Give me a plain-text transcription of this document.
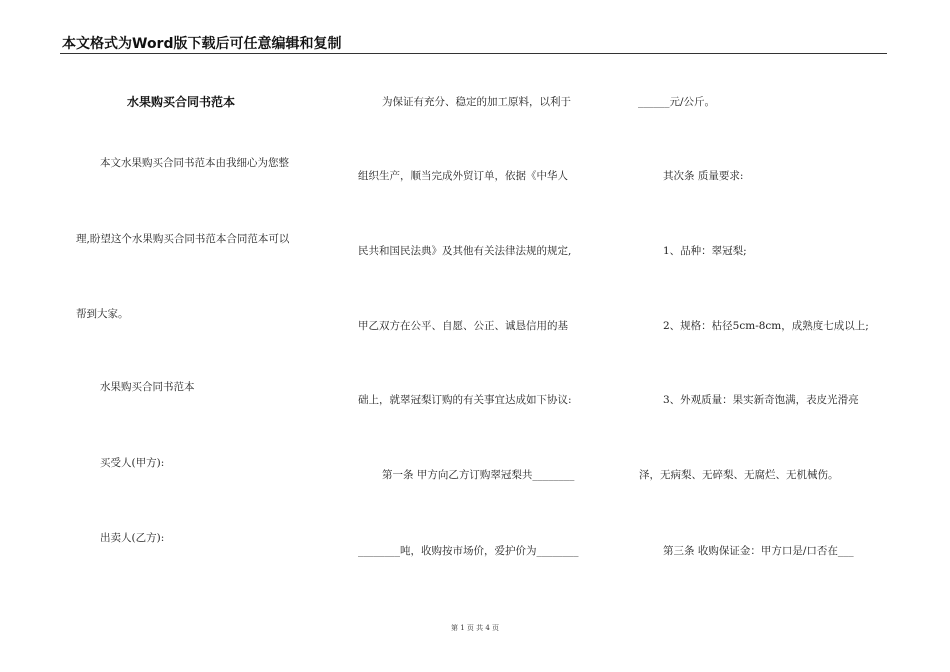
本文格式为Word版下载后可任意编辑和复制
水果购买合同书范本
本文水果购买合同书范本由我细心为您整
理,盼望这个水果购买合同书范本合同范本可以
帮到大家。
水果购买合同书范本
买受人(甲方):
出卖人(乙方):
为保证有充分、稳定的加工原料，以利于
组织生产，顺当完成外贸订单，依据《中华人
民共和国民法典》及其他有关法律法规的规定,
甲乙双方在公平、自愿、公正、诚恳信用的基
础上，就翠冠梨订购的有关事宜达成如下协议:
第一条 甲方向乙方订购翠冠梨共________
________吨，收购按市场价，爱护价为________
______元/公斤。
其次条 质量要求:
1、品种：翠冠梨;
2、规格：枯径5cm-8cm，成熟度七成以上;
3、外观质量：果实新奇饱满，表皮光滑亮
泽，无病梨、无碎梨、无腐烂、无机械伤。
第三条 收购保证金：甲方口是/口否在___
第 1 页 共 4 页
